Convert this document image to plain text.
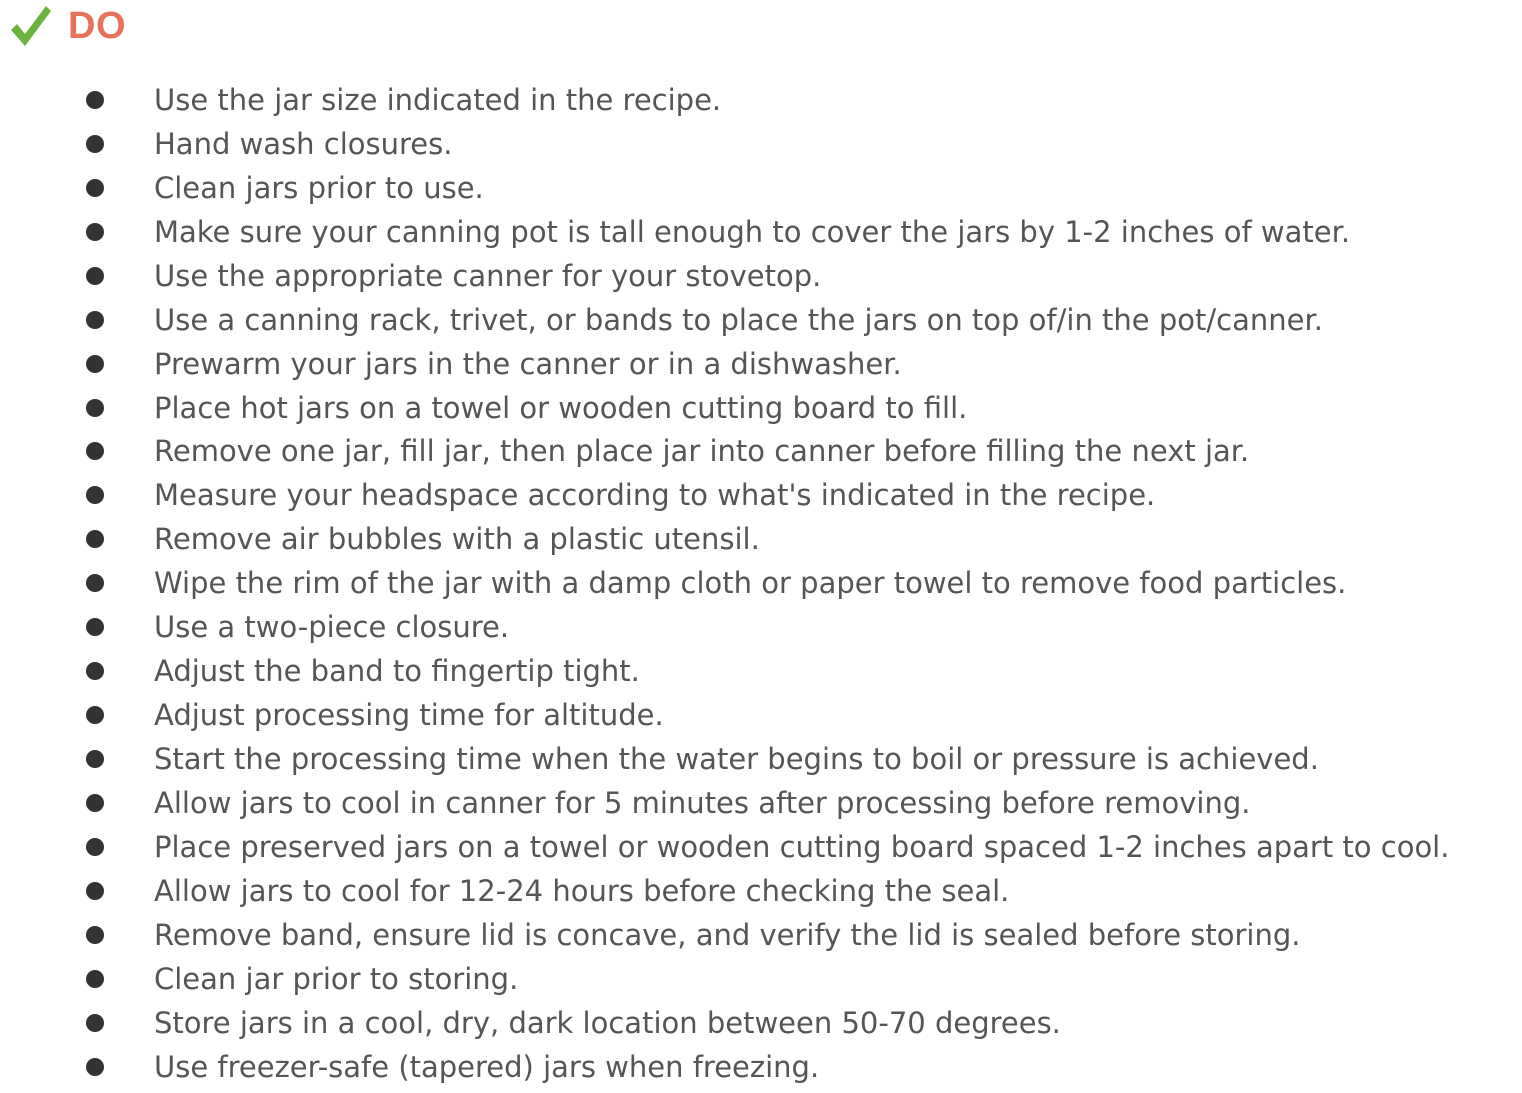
DO
Use the jar size indicated in the recipe.
Hand wash closures.
Clean jars prior to use.
Make sure your canning pot is tall enough to cover the jars by 1-2 inches of water.
Use the appropriate canner for your stovetop.
Use a canning rack, trivet, or bands to place the jars on top of/in the pot/canner.
Prewarm your jars in the canner or in a dishwasher.
Place hot jars on a towel or wooden cutting board to fill.
Remove one jar, fill jar, then place jar into canner before filling the next jar.
Measure your headspace according to what's indicated in the recipe.
Remove air bubbles with a plastic utensil.
Wipe the rim of the jar with a damp cloth or paper towel to remove food particles.
Use a two-piece closure.
Adjust the band to fingertip tight.
Adjust processing time for altitude.
Start the processing time when the water begins to boil or pressure is achieved.
Allow jars to cool in canner for 5 minutes after processing before removing.
Place preserved jars on a towel or wooden cutting board spaced 1-2 inches apart to cool.
Allow jars to cool for 12-24 hours before checking the seal.
Remove band, ensure lid is concave, and verify the lid is sealed before storing.
Clean jar prior to storing.
Store jars in a cool, dry, dark location between 50-70 degrees.
Use freezer-safe (tapered) jars when freezing.
